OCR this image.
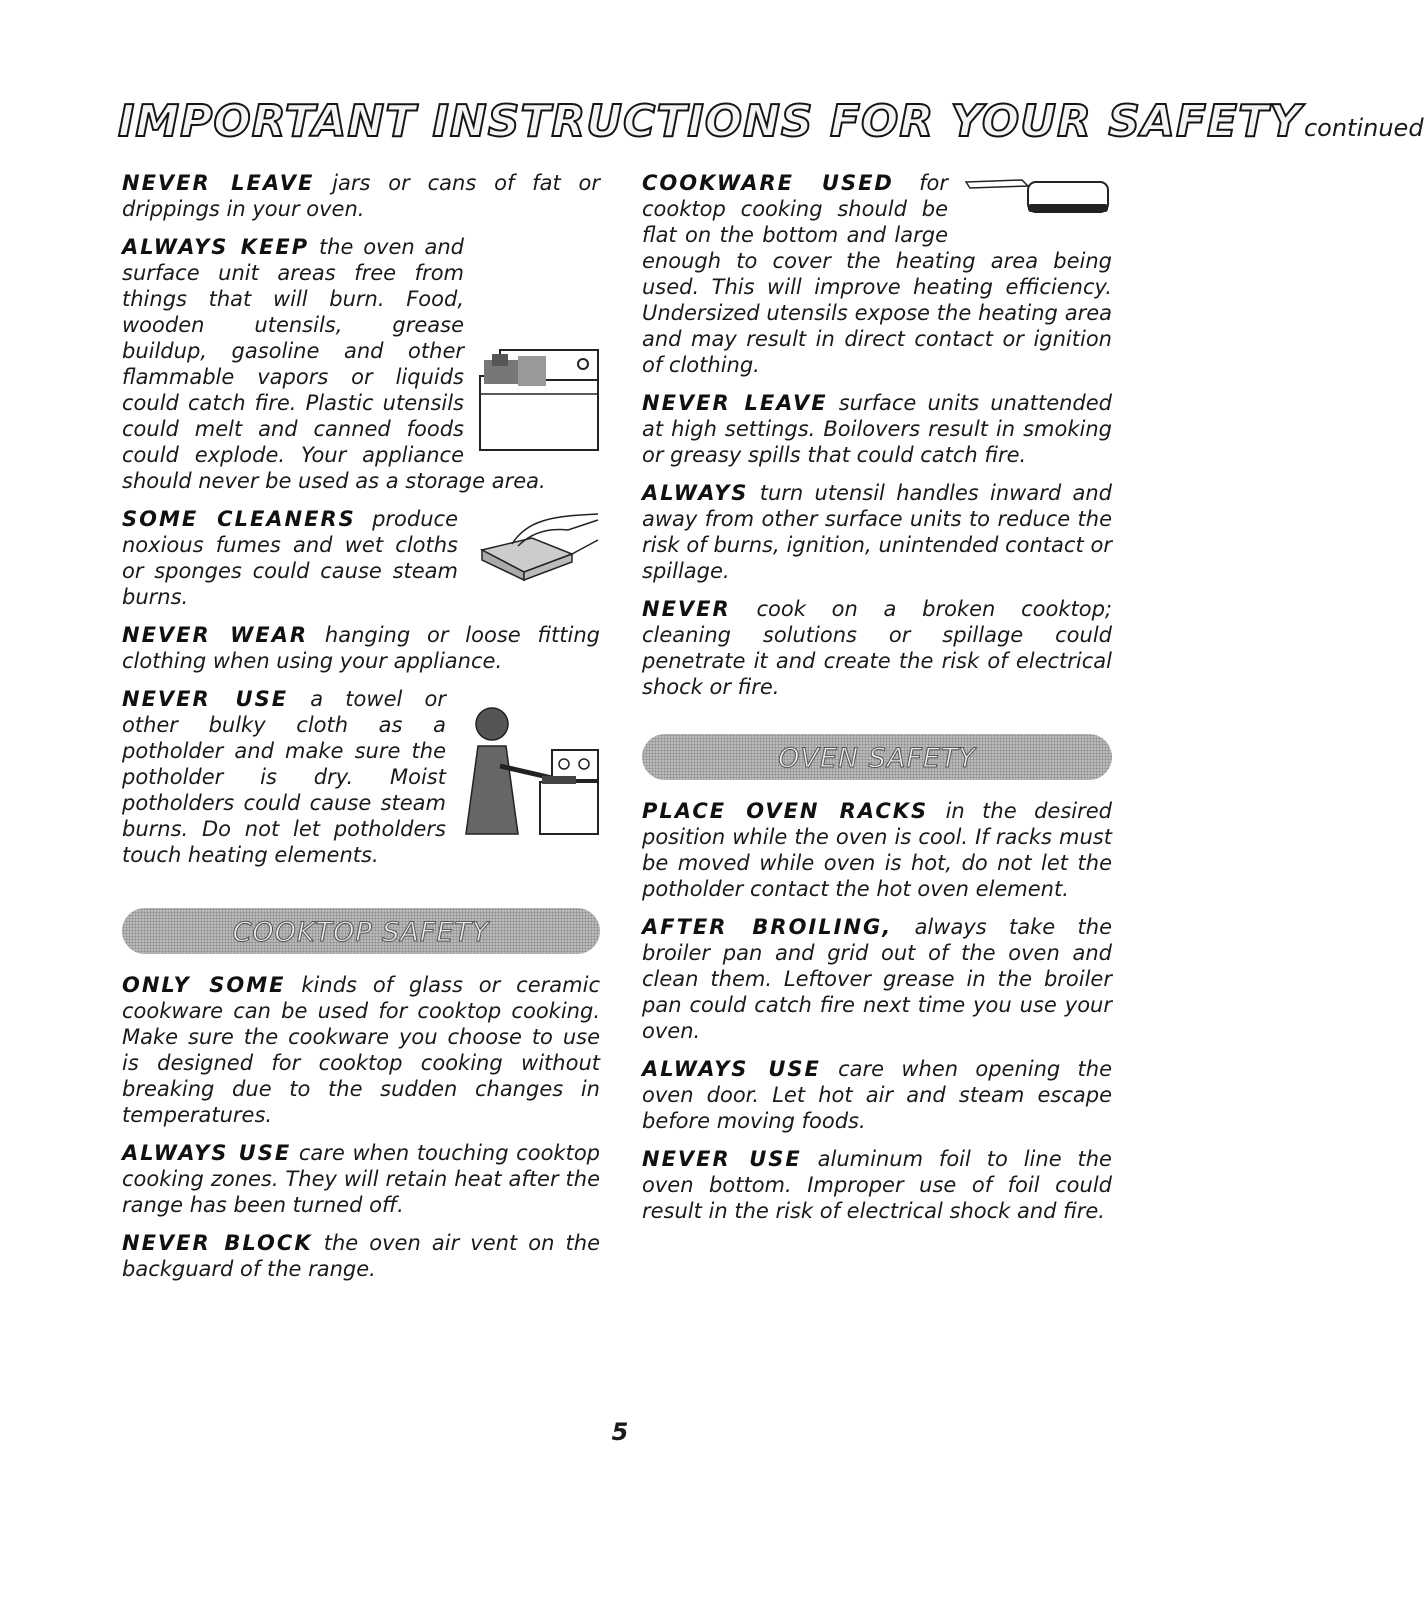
IMPORTANT INSTRUCTIONS FOR YOUR SAFETYcontinued

NEVER LEAVE jars or cans of fat or drippings in your oven.

ALWAYS KEEP the oven and surface unit areas free from things that will burn. Food, wooden utensils, grease buildup, gasoline and other flammable vapors or liquids could catch fire. Plastic utensils could melt and canned foods could explode. Your appliance should never be used as a storage area.

SOME CLEANERS produce noxious fumes and wet cloths or sponges could cause steam burns.

NEVER WEAR hanging or loose fitting clothing when using your appliance.

NEVER USE a towel or other bulky cloth as a potholder and make sure the potholder is dry. Moist potholders could cause steam burns. Do not let potholders touch heating elements.

COOKTOP SAFETY

ONLY SOME kinds of glass or ceramic cookware can be used for cooktop cooking. Make sure the cookware you choose to use is designed for cooktop cooking without breaking due to the sudden changes in temperatures.

ALWAYS USE care when touching cooktop cooking zones. They will retain heat after the range has been turned off.

NEVER BLOCK the oven air vent on the backguard of the range.

COOKWARE USED for cooktop cooking should be flat on the bottom and large enough to cover the heating area being used. This will improve heating efficiency. Undersized utensils expose the heating area and may result in direct contact or ignition of clothing.

NEVER LEAVE surface units unattended at high settings. Boilovers result in smoking or greasy spills that could catch fire.

ALWAYS turn utensil handles inward and away from other surface units to reduce the risk of burns, ignition, unintended contact or spillage.

NEVER cook on a broken cooktop; cleaning solutions or spillage could penetrate it and create the risk of electrical shock or fire.

OVEN SAFETY

PLACE OVEN RACKS in the desired position while the oven is cool. If racks must be moved while oven is hot, do not let the potholder contact the hot oven element.

AFTER BROILING, always take the broiler pan and grid out of the oven and clean them. Leftover grease in the broiler pan could catch fire next time you use your oven.

ALWAYS USE care when opening the oven door. Let hot air and steam escape before moving foods.

NEVER USE aluminum foil to line the oven bottom. Improper use of foil could result in the risk of electrical shock and fire.

5
